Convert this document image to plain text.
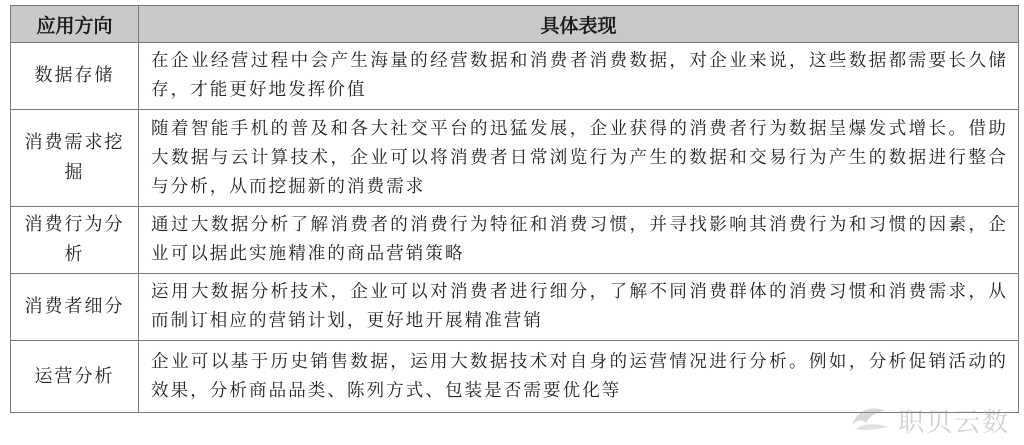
应用方向	具体表现
数据存储	在企业经营过程中会产生海量的经营数据和消费者消费数据，对企业来说，这些数据都需要长久储存，才能更好地发挥价值
消费需求挖掘	随着智能手机的普及和各大社交平台的迅猛发展，企业获得的消费者行为数据呈爆发式增长。借助大数据与云计算技术，企业可以将消费者日常浏览行为产生的数据和交易行为产生的数据进行整合与分析，从而挖掘新的消费需求
消费行为分析	通过大数据分析了解消费者的消费行为特征和消费习惯，并寻找影响其消费行为和习惯的因素，企业可以据此实施精准的商品营销策略
消费者细分	运用大数据分析技术，企业可以对消费者进行细分，了解不同消费群体的消费习惯和消费需求，从而制订相应的营销计划，更好地开展精准营销
运营分析	企业可以基于历史销售数据，运用大数据技术对自身的运营情况进行分析。例如，分析促销活动的效果，分析商品品类、陈列方式、包装是否需要优化等
职贝云数
